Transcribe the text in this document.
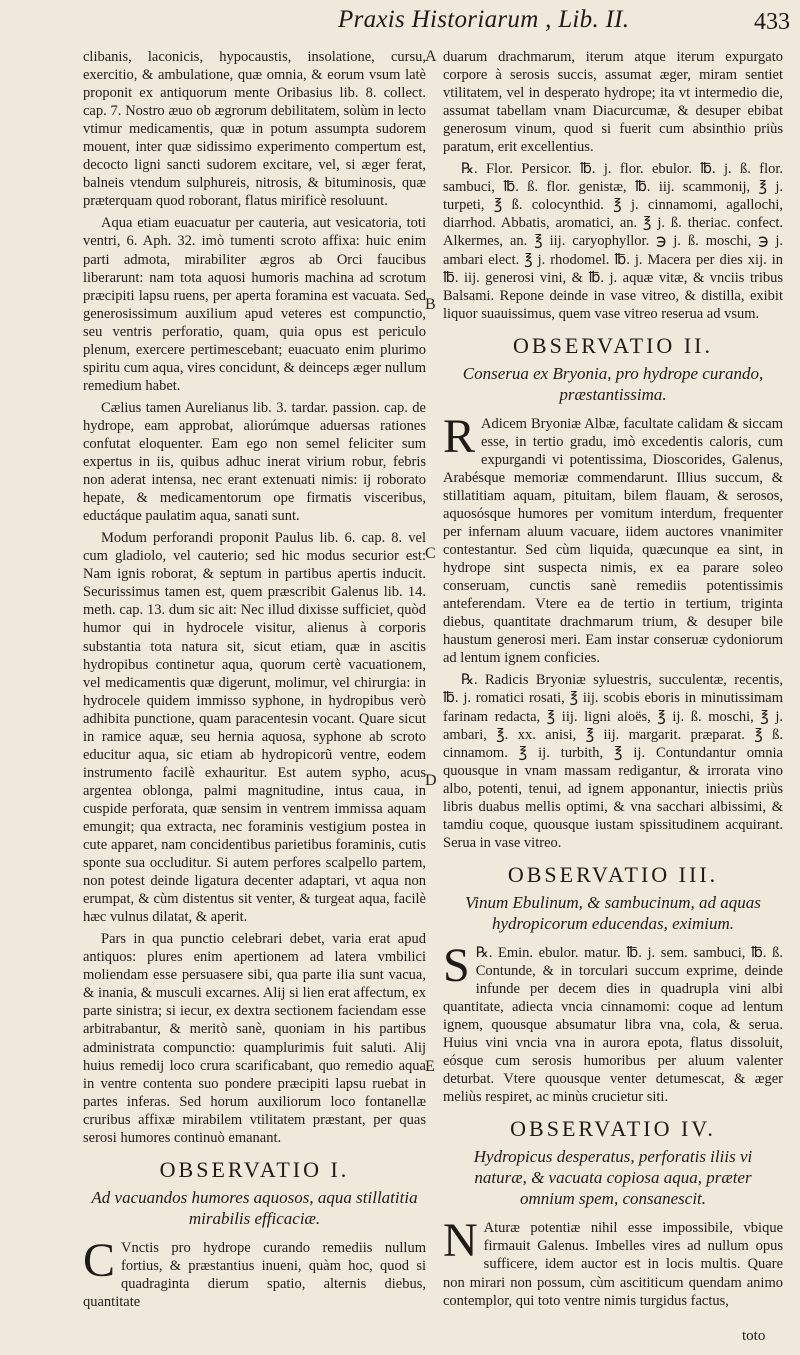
Praxis Historiarum , Lib. II.	433
A
B
C
D
E

clibanis, laconicis, hypocaustis, insolatione, cursu, exercitio, & ambulatione, quæ omnia, & eorum vsum latè proponit ex antiquorum mente Oribasius lib. 8. collect. cap. 7. Nostro æuo ob ægrorum debilitatem, solùm in lecto vtimur medicamentis, quæ in potum assumpta sudorem mouent, inter quæ sidissimo experimento compertum est, decocto ligni sancti sudorem excitare, vel, si æger ferat, balneis vtendum sulphureis, nitrosis, & bituminosis, quæ præterquam quod roborant, flatus mirificè resoluunt.

Aqua etiam euacuatur per cauteria, aut vesicatoria, toti ventri, 6. Aph. 32. imò tumenti scroto affixa: huic enim parti admota, mirabiliter ægros ab Orci faucibus liberarunt: nam tota aquosi humoris machina ad scrotum præcipiti lapsu ruens, per aperta foramina est vacuata. Sed generosissimum auxilium apud veteres est compunctio, seu ventris perforatio, quam, quia opus est periculo plenum, exercere pertimescebant; euacuato enim plurimo spiritu cum aqua, vires concidunt, & deinceps æger nullum remedium habet.

Cælius tamen Aurelianus lib. 3. tardar. passion. cap. de hydrope, eam approbat, aliorúmque aduersas rationes confutat eloquenter. Eam ego non semel feliciter sum expertus in iis, quibus adhuc inerat virium robur, febris non aderat intensa, nec erant extenuati nimis: ij roborato hepate, & medicamentorum ope firmatis visceribus, eductáque paulatim aqua, sanati sunt.

Modum perforandi proponit Paulus lib. 6. cap. 8. vel cum gladiolo, vel cauterio; sed hic modus securior est: Nam ignis roborat, & septum in partibus apertis inducit. Securissimus tamen est, quem præscribit Galenus lib. 14. meth. cap. 13. dum sic ait: Nec illud dixisse sufficiet, quòd humor qui in hydrocele visitur, alienus à corporis substantia tota natura sit, sicut etiam, quæ in ascitis hydropibus continetur aqua, quorum certè vacuationem, vel medicamentis quæ digerunt, molimur, vel chirurgia: in hydrocele quidem immisso syphone, in hydropibus verò adhibita punctione, quam paracentesin vocant. Quare sicut in ramice aquæ, seu hernia aquosa, syphone ab scroto educitur aqua, sic etiam ab hydropicorũ ventre, eodem instrumento facilè exhauritur. Est autem sypho, acus argentea oblonga, palmi magnitudine, intus caua, in cuspide perforata, quæ sensim in ventrem immissa aquam emungit; qua extracta, nec foraminis vestigium postea in cute apparet, nam concidentibus parietibus foraminis, cutis sponte sua occluditur. Si autem perfores scalpello partem, non potest deinde ligatura decenter adaptari, vt aqua non erumpat, & cùm distentus sit venter, & turgeat aqua, facilè hæc vulnus dilatat, & aperit.

Pars in qua punctio celebrari debet, varia erat apud antiquos: plures enim apertionem ad latera vmbilici moliendam esse persuasere sibi, qua parte ilia sunt vacua, & inania, & musculi excarnes. Alij si lien erat affectum, ex parte sinistra; si iecur, ex dextra sectionem faciendam esse arbitrabantur, & meritò sanè, quoniam in his partibus administrata compunctio: quamplurimis fuit saluti. Alij huius remedij loco crura scarificabant, quo remedio aqua in ventre contenta suo pondere præcipiti lapsu ruebat in partes inferas. Sed horum auxiliorum loco fontanellæ cruribus affixæ mirabilem vtilitatem præstant, per quas serosi humores continuò emanant.

OBSERVATIO I.
Ad vacuandos humores aquosos, aqua stillatitia mirabilis efficaciæ.

C Vnctis pro hydrope curando remediis nullum fortius, & præstantius inueni, quàm hoc, quod si quadraginta dierum spatio, alternis diebus, quantitate

duarum drachmarum, iterum atque iterum expurgato corpore à serosis succis, assumat æger, miram sentiet vtilitatem, vel in desperato hydrope; ita vt intermedio die, assumat tabellam vnam Diacurcumæ, & desuper ebibat generosum vinum, quod si fuerit cum absinthio priùs paratum, erit excellentius.

℞. Flor. Persicor. ℔. j. flor. ebulor. ℔. j. ß. flor. sambuci, ℔. ß. flor. genistæ, ℔. iij. scammonij, ℥ j. turpeti, ℥ ß. colocynthid. ℥ j. cinnamomi, agallochi, diarrhod. Abbatis, aromatici, an. ℥ j. ß. theriac. confect. Alkermes, an. ℥ iij. caryophyllor. ℈ j. ß. moschi, ℈ j. ambari elect. ℥ j. rhodomel. ℔. j. Macera per dies xij. in ℔. iij. generosi vini, & ℔. j. aquæ vitæ, & vnciis tribus Balsami. Repone deinde in vase vitreo, & distilla, exibit liquor suauissimus, quem vase vitreo reserua ad vsum.

OBSERVATIO II.
Conserua ex Bryonia, pro hydrope curando, præstantissima.

R Adicem Bryoniæ Albæ, facultate calidam & siccam esse, in tertio gradu, imò excedentis caloris, cum expurgandi vi potentissima, Dioscorides, Galenus, Arabésque memoriæ commendarunt. Illius succum, & stillatitiam aquam, pituitam, bilem flauam, & serosos, aquosósque humores per vomitum interdum, frequenter per infernam aluum vacuare, iidem auctores vnanimiter contestantur. Sed cùm liquida, quæcunque ea sint, in hydrope sint suspecta nimis, ex ea parare soleo conseruam, cunctis sanè remediis potentissimis anteferendam. Vtere ea de tertio in tertium, triginta diebus, quantitate drachmarum trium, & desuper bile haustum generosi meri. Eam instar conseruæ cydoniorum ad lentum ignem conficies.

℞. Radicis Bryoniæ syluestris, succulentæ, recentis, ℔. j. romatici rosati, ℥ iij. scobis eboris in minutissimam farinam redacta, ℥ iij. ligni aloës, ℥ ij. ß. moschi, ℥ j. ambari, ℥. xx. anisi, ℥ iij. margarit. præparat. ℥ ß. cinnamom. ℥ ij. turbith, ℥ ij. Contundantur omnia quousque in vnam massam redigantur, & irrorata vino albo, potenti, tenui, ad ignem apponantur, iniectis priùs libris duabus mellis optimi, & vna sacchari albissimi, & tamdiu coque, quousque iustam spissitudinem acquirant. Serua in vase vitreo.

OBSERVATIO III.
Vinum Ebulinum, & sambucinum, ad aquas hydropicorum educendas, eximium.

S ℞. Emin. ebulor. matur. ℔. j. sem. sambuci, ℔. ß. Contunde, & in torculari succum exprime, deinde infunde per decem dies in quadrupla vini albi quantitate, adiecta vncia cinnamomi: coque ad lentum ignem, quousque absumatur libra vna, cola, & serua. Huius vini vncia vna in aurora epota, flatus dissoluit, eósque cum serosis humoribus per aluum valenter deturbat. Vtere quousque venter detumescat, & æger meliùs respiret, ac minùs crucietur siti.

OBSERVATIO IV.
Hydropicus desperatus, perforatis iliis vi naturæ, & vacuata copiosa aqua, præter omnium spem, consanescit.

N Aturæ potentiæ nihil esse impossibile, vbique firmauit Galenus. Imbelles vires ad nullum opus sufficere, idem auctor est in locis multis. Quare non mirari non possum, cùm ascititicum quendam animo contemplor, qui toto ventre nimis turgidus factus,

toto
